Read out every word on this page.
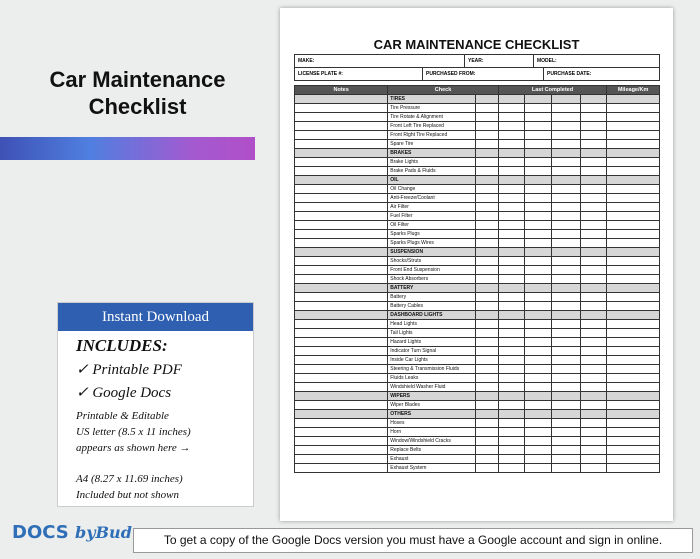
Car Maintenance
Checklist
Instant Download
INCLUDES:
✓ Printable PDF
✓ Google Docs
Printable & Editable
US letter (8.5 x 11 inches)
appears as shown here →
A4 (8.27 x 11.69 inches)
Included but not shown
CAR MAINTENANCE CHECKLIST
MAKE:	YEAR:	MODEL:
LICENSE PLATE #:	PURCHASED FROM:	PURCHASE DATE:
Notes	Check		Last Completed				Mileage/Km
	TIRES						
	Tire Pressure						
	Tire Rotate & Alignment						
	Front Left Tire Replaced						
	Front Right Tire Replaced						
	Spare Tire						
	BRAKES						
	Brake Lights						
	Brake Pads & Fluids						
	OIL						
	Oil Change						
	Anti-Freeze/Coolant						
	Air Filter						
	Fuel Filter						
	Oil Filter						
	Sparks Plugs						
	Sparks Plugs Wires						
	SUSPENSION						
	Shocks/Struts						
	Front End Suspension						
	Shock Absorbers						
	BATTERY						
	Battery						
	Battery Cables						
	DASHBOARD LIGHTS						
	Head Lights						
	Tail Lights						
	Hazard Lights						
	Indicator Turn Signal						
	Inside Car Lights						
	Steering & Transmission Fluids						
	Fluids Leaks						
	Windshield Washer Fluid						
	WIPERS						
	Wiper Blades						
	OTHERS						
	Hoses						
	Horn						
	Window/Windshield Cracks						
	Replace Belts						
	Exhaust						
	Exhaust System						
DOCS byBud	To get a copy of the Google Docs version you must have a Google account and sign in online.
